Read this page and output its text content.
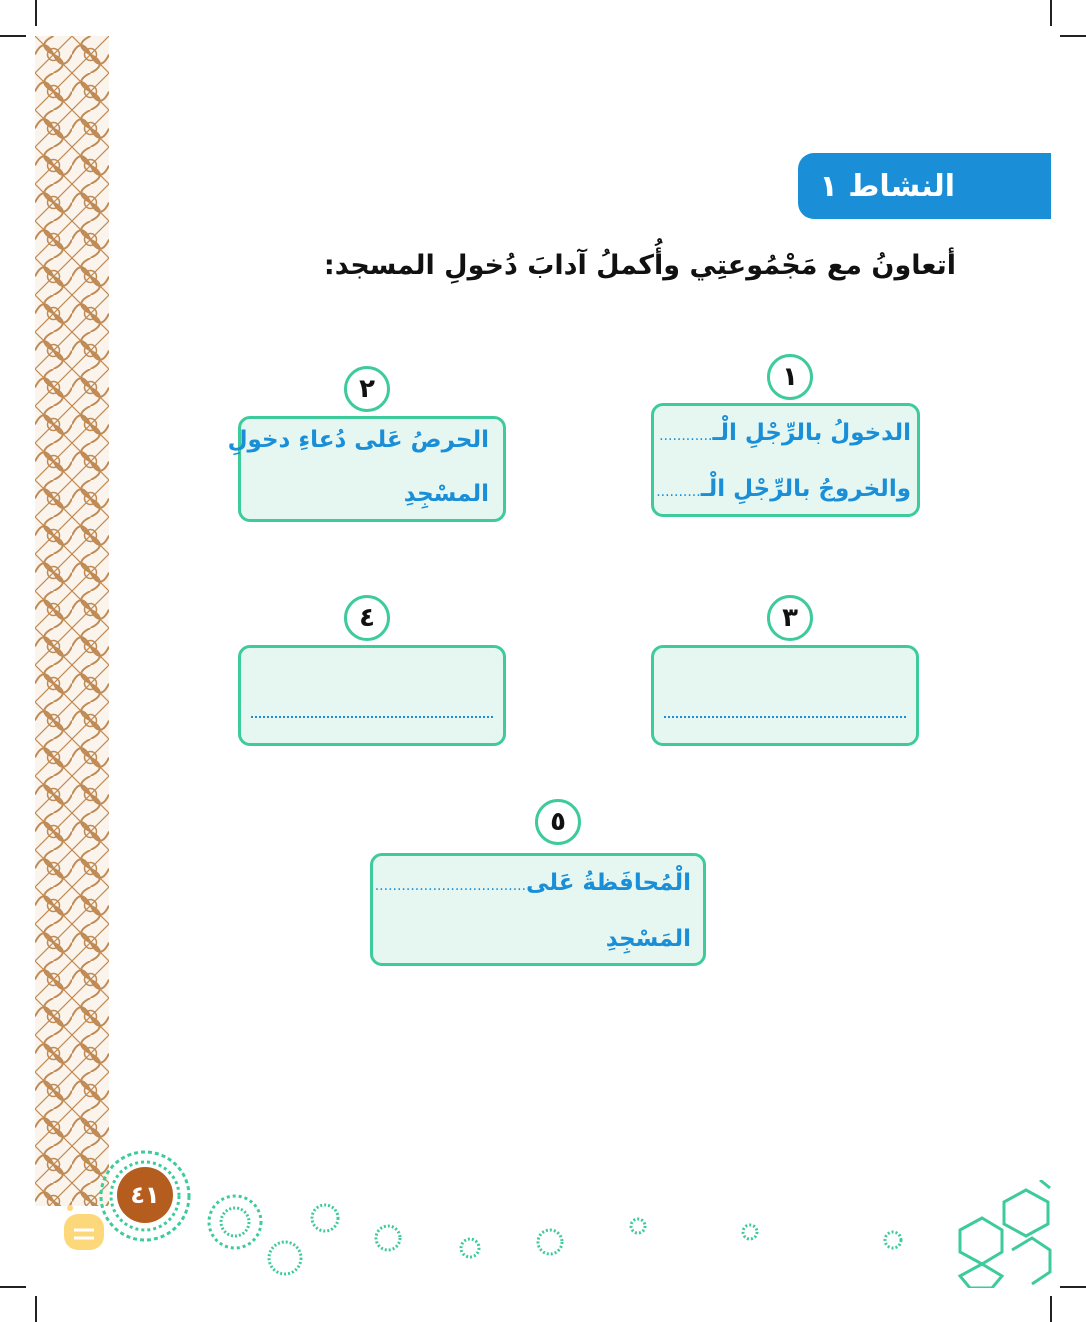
النشاط ١
أتعاونُ مع مَجْمُوعتِي وأُكملُ آدابَ دُخولِ المسجد:
١
الدخولُ بالرِّجْلِ الْـ............
والخروجُ بالرِّجْلِ الْـ..........
٢
الحرصُ عَلى دُعاءِ دخولِ
المسْجِدِ
٣
٤
٥
الْمُحافَظةُ عَلى..................................
المَسْجِدِ
٤١
